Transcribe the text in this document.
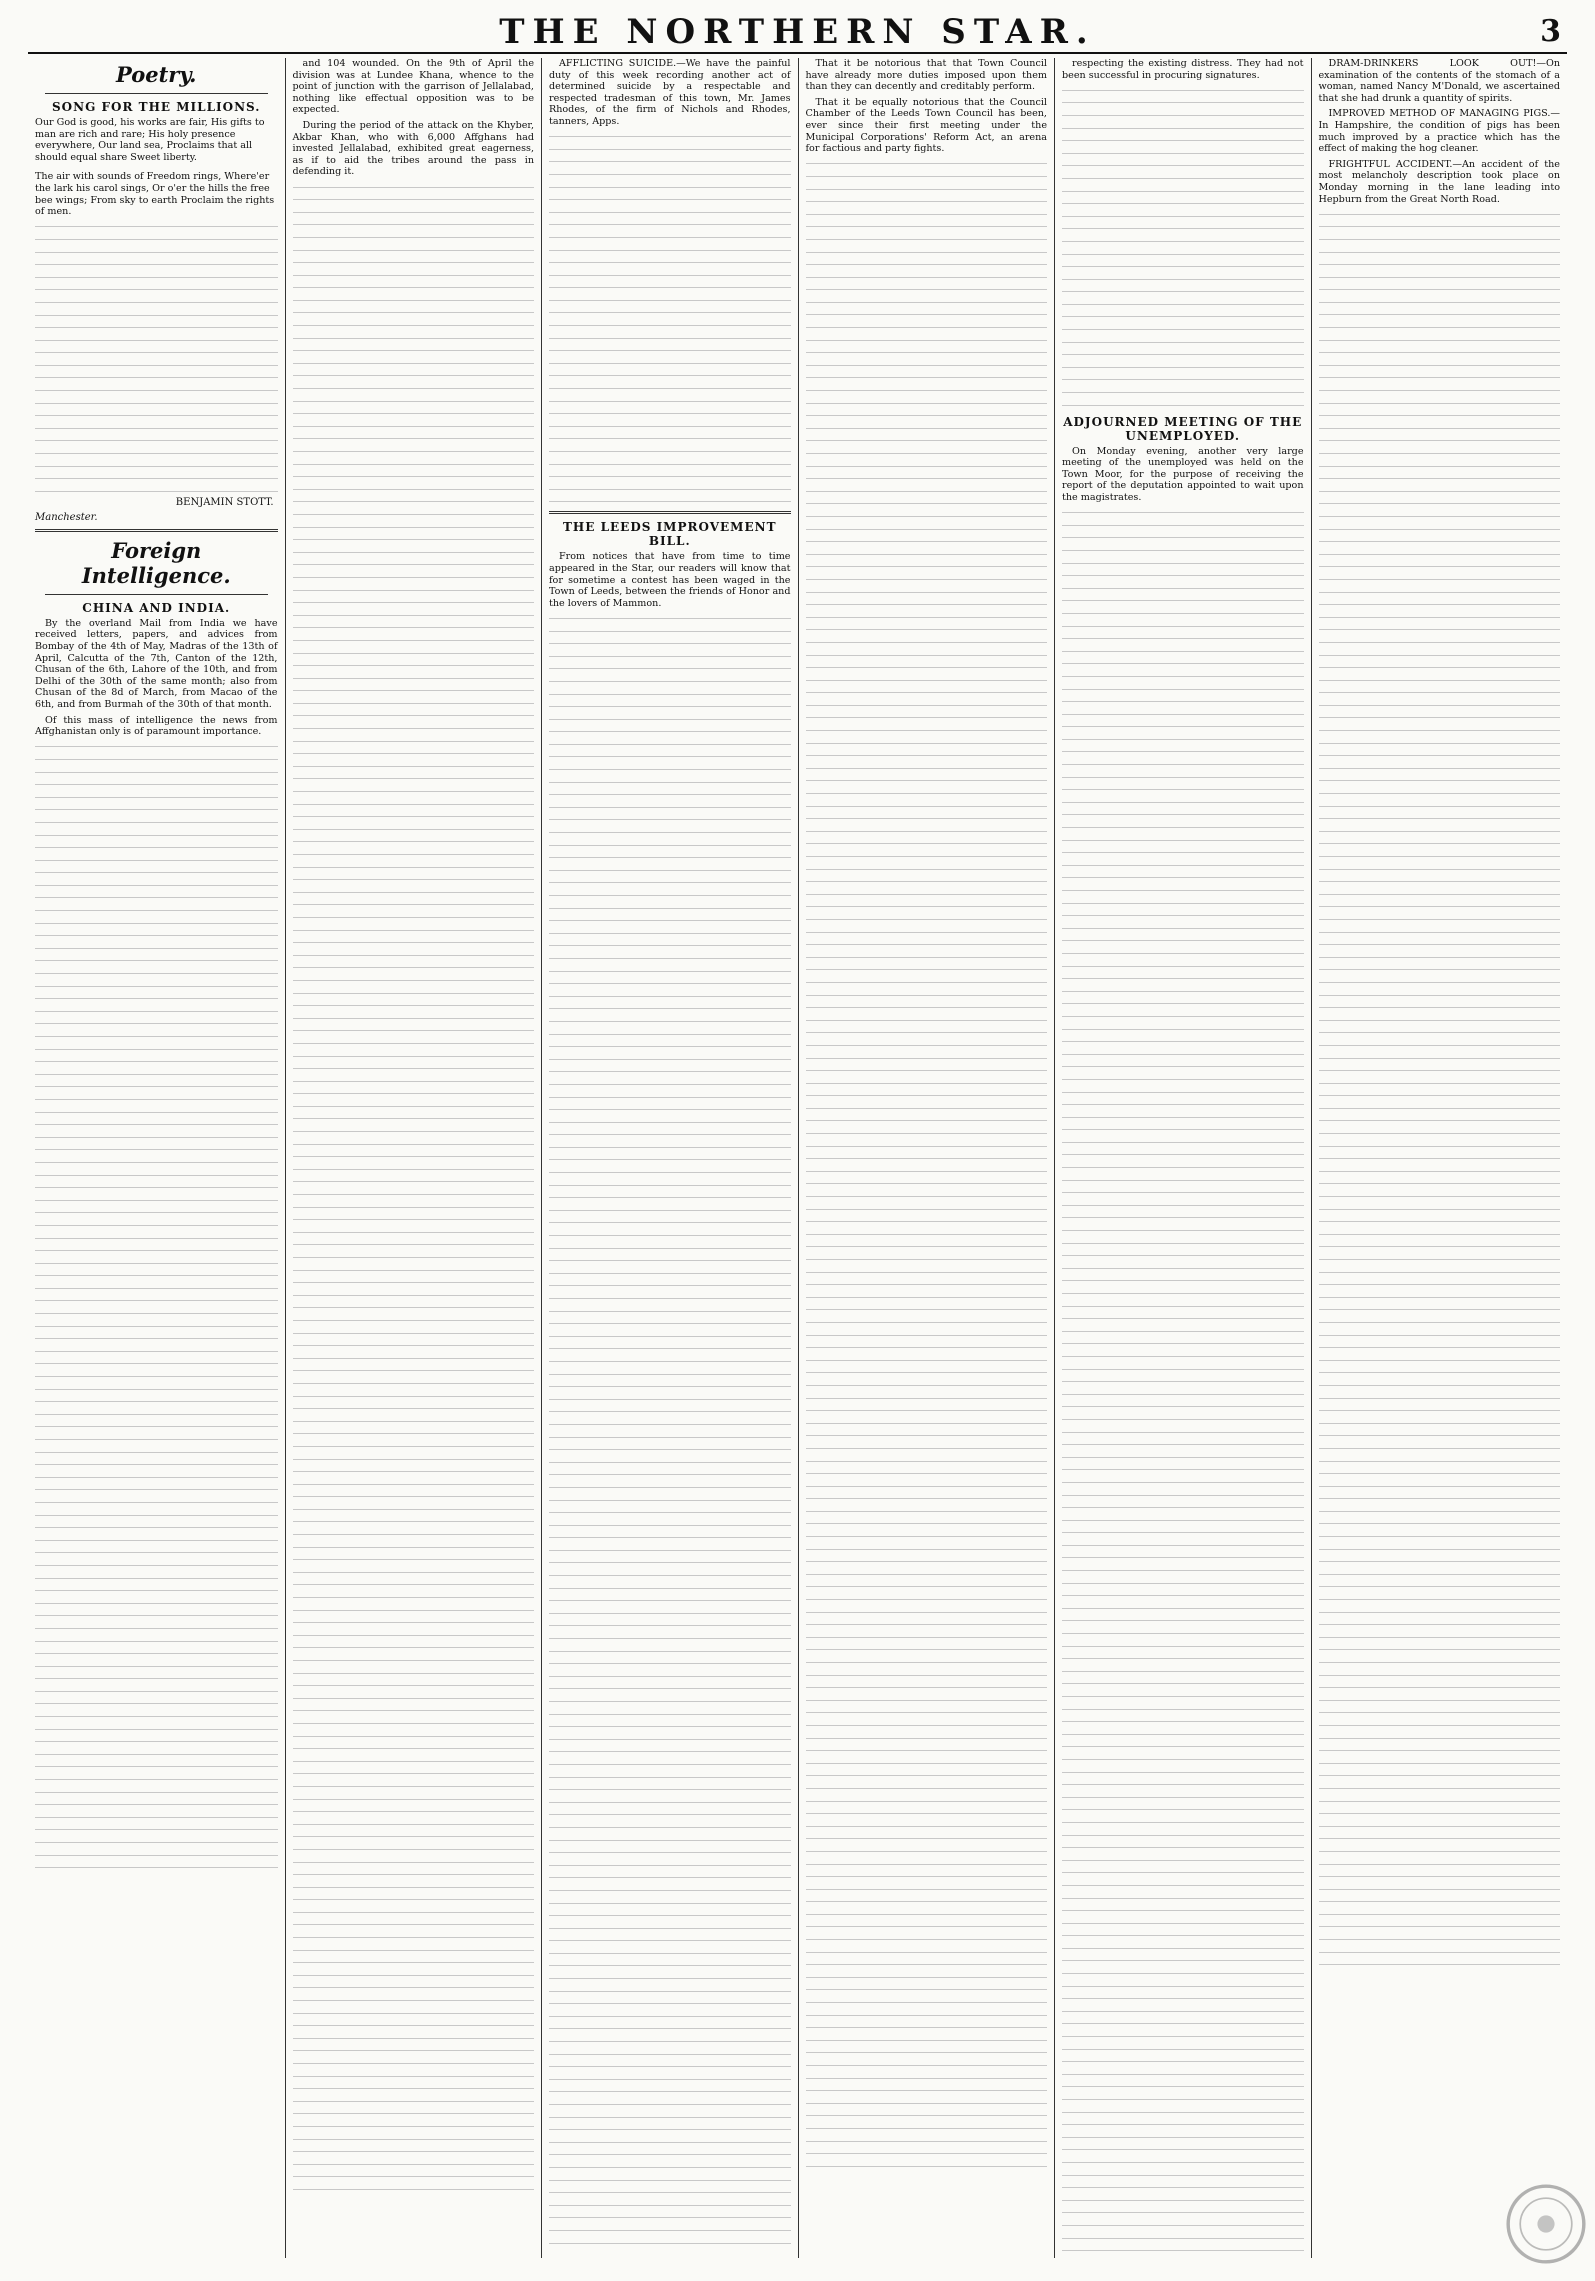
THE NORTHERN STAR.	3
Poetry.
SONG FOR THE MILLIONS.

Our God is good, his works are fair, His gifts to man are rich and rare; His holy presence everywhere, Our land sea, Proclaims that all should equal share Sweet liberty.

The air with sounds of Freedom rings, Where'er the lark his carol sings, Or o'er the hills the free bee wings; From sky to earth Proclaim the rights of men.

BENJAMIN STOTT.
Manchester.
Foreign Intelligence.
CHINA AND INDIA.

By the overland Mail from India we have received letters, papers, and advices from Bombay of the 4th of May, Madras of the 13th of April, Calcutta of the 7th, Canton of the 12th, Chusan of the 6th, Lahore of the 10th, and from Delhi of the 30th of the same month; also from Chusan of the 8d of March, from Macao of the 6th, and from Burmah of the 30th of that month.

Of this mass of intelligence the news from Affghanistan only is of paramount importance.

and 104 wounded. On the 9th of April the division was at Lundee Khana, whence to the point of junction with the garrison of Jellalabad, nothing like effectual opposition was to be expected.

During the period of the attack on the Khyber, Akbar Khan, who with 6,000 Affghans had invested Jellalabad, exhibited great eagerness, as if to aid the tribes around the pass in defending it.

AFFLICTING SUICIDE.—We have the painful duty of this week recording another act of determined suicide by a respectable and respected tradesman of this town, Mr. James Rhodes, of the firm of Nichols and Rhodes, tanners, Apps.

THE LEEDS IMPROVEMENT BILL.

From notices that have from time to time appeared in the Star, our readers will know that for sometime a contest has been waged in the Town of Leeds, between the friends of Honor and the lovers of Mammon.

That it be notorious that that Town Council have already more duties imposed upon them than they can decently and creditably perform.

That it be equally notorious that the Council Chamber of the Leeds Town Council has been, ever since their first meeting under the Municipal Corporations' Reform Act, an arena for factious and party fights.

respecting the existing distress. They had not been successful in procuring signatures.

ADJOURNED MEETING OF THE UNEMPLOYED.

On Monday evening, another very large meeting of the unemployed was held on the Town Moor, for the purpose of receiving the report of the deputation appointed to wait upon the magistrates.

DRAM-DRINKERS LOOK OUT!—On examination of the contents of the stomach of a woman, named Nancy M'Donald, we ascertained that she had drunk a quantity of spirits.

IMPROVED METHOD OF MANAGING PIGS.—In Hampshire, the condition of pigs has been much improved by a practice which has the effect of making the hog cleaner.

FRIGHTFUL ACCIDENT.—An accident of the most melancholy description took place on Monday morning in the lane leading into Hepburn from the Great North Road.
